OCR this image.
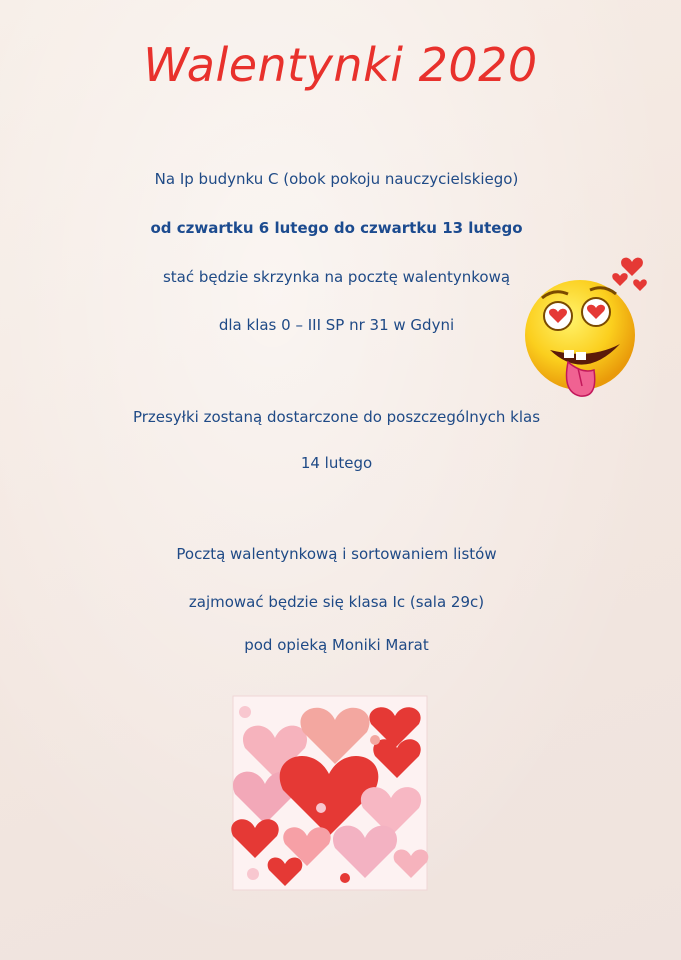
Walentynki 2020
Na Ip budynku C (obok pokoju nauczycielskiego)
od czwartku 6 lutego do czwartku 13 lutego
stać będzie skrzynka na pocztę walentynkową
dla klas 0 – III SP nr 31 w Gdyni
Przesyłki zostaną dostarczone do poszczególnych klas
14 lutego
Pocztą walentynkową i sortowaniem listów
zajmować będzie się klasa Ic (sala 29c)
pod opieką Moniki Marat
